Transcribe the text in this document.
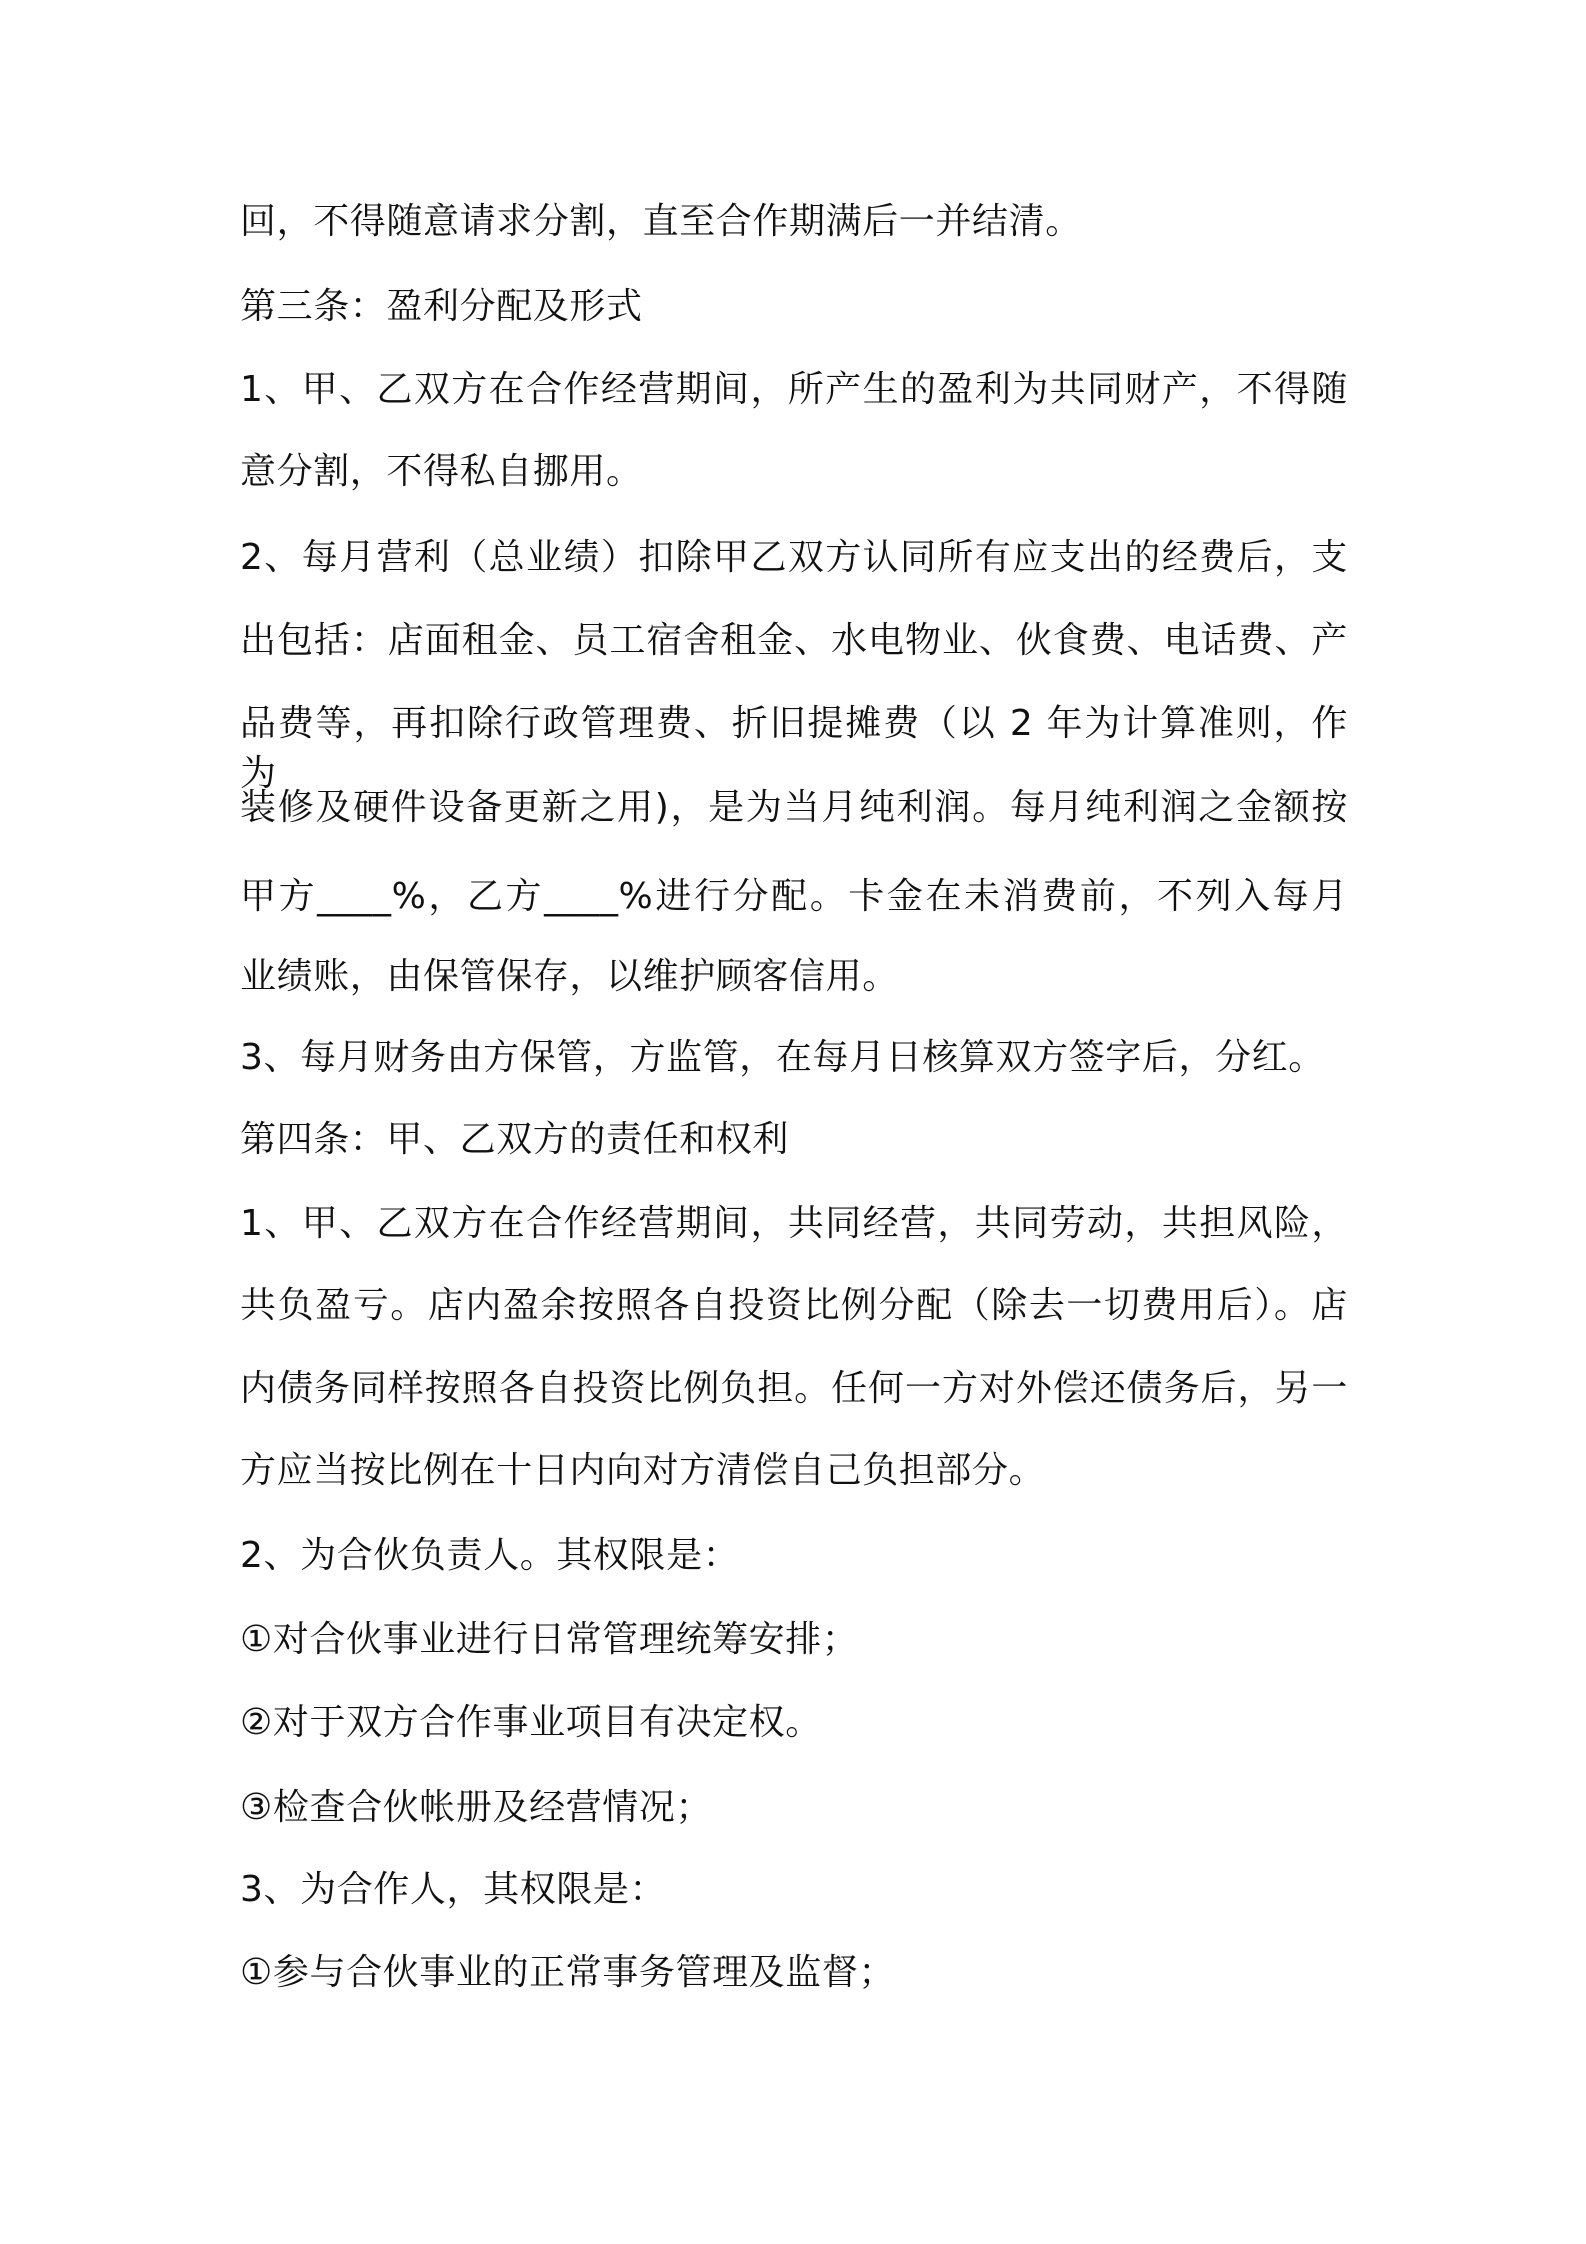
回，不得随意请求分割，直至合作期满后一并结清。
第三条：盈利分配及形式
1、甲、乙双方在合作经营期间，所产生的盈利为共同财产，不得随
意分割，不得私自挪用。
2、每月营利（总业绩）扣除甲乙双方认同所有应支出的经费后，支
出包括：店面租金、员工宿舍租金、水电物业、伙食费、电话费、产
品费等，再扣除行政管理费、折旧提摊费（以 2 年为计算准则，作为
装修及硬件设备更新之用)，是为当月纯利润。每月纯利润之金额按
甲方____%，乙方____%进行分配。卡金在未消费前，不列入每月
业绩账，由保管保存，以维护顾客信用。
3、每月财务由方保管，方监管，在每月日核算双方签字后，分红。
第四条：甲、乙双方的责任和权利
1、甲、乙双方在合作经营期间，共同经营，共同劳动，共担风险，
共负盈亏。店内盈余按照各自投资比例分配（除去一切费用后）。店
内债务同样按照各自投资比例负担。任何一方对外偿还债务后，另一
方应当按比例在十日内向对方清偿自己负担部分。
2、为合伙负责人。其权限是：
①对合伙事业进行日常管理统筹安排；
②对于双方合作事业项目有决定权。
③检查合伙帐册及经营情况；
3、为合作人，其权限是：
①参与合伙事业的正常事务管理及监督；
